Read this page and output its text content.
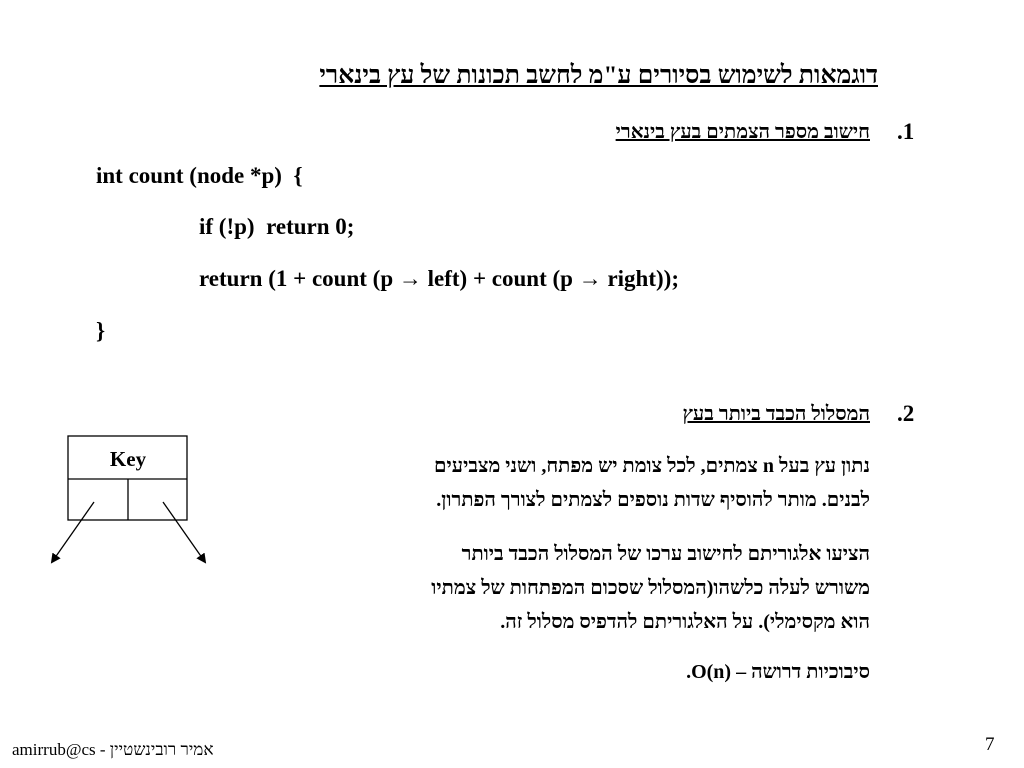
דוגמאות לשימוש בסיורים ע"מ לחשב תכונות של עץ בינארי
.1
חישוב מספר הצמתים בעץ בינארי
int count (node *p)  {
if (!p)  return 0;
return (1 + count (p → left) + count (p → right));
}
.2
המסלול הכבד ביותר בעץ
נתון עץ בעל n צמתים, לכל צומת יש מפתח, ושני מצביעים
לבנים. מותר להוסיף שדות נוספים לצמתים לצורך הפתרון.
הציעו אלגוריתם לחישוב ערכו של המסלול הכבד ביותר
משורש לעלה כלשהו(המסלול שסכום המפתחות של צמתיו
הוא מקסימלי). על האלגוריתם להדפיס מסלול זה.
סיבוכיות דרושה – O(n).
Key
amirrub@cs - אמיר רובינשטיין	7
